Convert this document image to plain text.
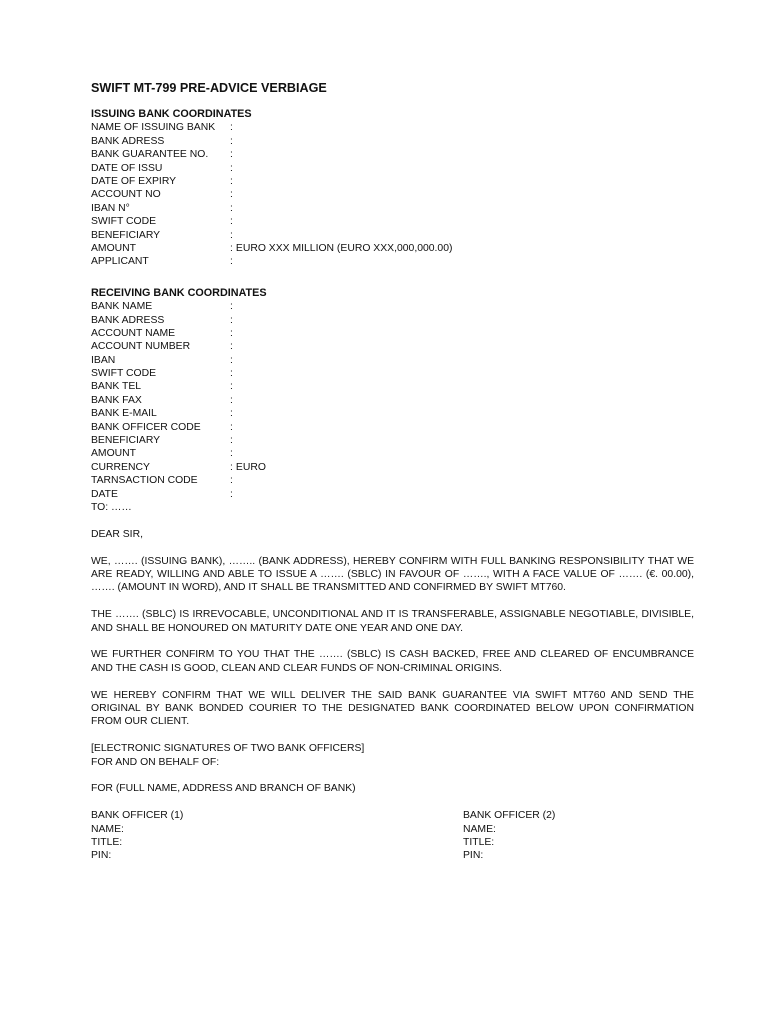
SWIFT MT-799 PRE-ADVICE VERBIAGE
ISSUING BANK COORDINATES
NAME OF ISSUING BANK	:
BANK ADRESS	:
BANK GUARANTEE NO.	:
DATE OF ISSU	:
DATE OF EXPIRY	:
ACCOUNT NO	:
IBAN N°	:
SWIFT CODE	:
BENEFICIARY	:
AMOUNT	: EURO XXX MILLION (EURO XXX,000,000.00)
APPLICANT	:
RECEIVING BANK COORDINATES
BANK NAME	:
BANK ADRESS	:
ACCOUNT NAME	:
ACCOUNT NUMBER	:
IBAN	:
SWIFT CODE	:
BANK TEL	:
BANK FAX	:
BANK E-MAIL	:
BANK OFFICER CODE	:
BENEFICIARY	:
AMOUNT	:
CURRENCY	: EURO
TARNSACTION CODE	:
DATE	:
TO: ……
DEAR SIR,

WE, ……. (ISSUING BANK), …….. (BANK ADDRESS), HEREBY CONFIRM WITH FULL BANKING RESPONSIBILITY THAT WE ARE READY, WILLING AND ABLE TO ISSUE A ……. (SBLC) IN FAVOUR OF ……., WITH A FACE VALUE OF ……. (€. 00.00), ……. (AMOUNT IN WORD), AND IT SHALL BE TRANSMITTED AND CONFIRMED BY SWIFT MT760.

THE ……. (SBLC) IS IRREVOCABLE, UNCONDITIONAL AND IT IS TRANSFERABLE, ASSIGNABLE NEGOTIABLE, DIVISIBLE, AND SHALL BE HONOURED ON MATURITY DATE ONE YEAR AND ONE DAY.

WE FURTHER CONFIRM TO YOU THAT THE ……. (SBLC) IS CASH BACKED, FREE AND CLEARED OF ENCUMBRANCE AND THE CASH IS GOOD, CLEAN AND CLEAR FUNDS OF NON-CRIMINAL ORIGINS.

WE HEREBY CONFIRM THAT WE WILL DELIVER THE SAID BANK GUARANTEE VIA SWIFT MT760 AND SEND THE ORIGINAL BY BANK BONDED COURIER TO THE DESIGNATED BANK COORDINATED BELOW UPON CONFIRMATION FROM OUR CLIENT.

[ELECTRONIC SIGNATURES OF TWO BANK OFFICERS]
FOR AND ON BEHALF OF:
FOR (FULL NAME, ADDRESS AND BRANCH OF BANK)
BANK OFFICER (1)
NAME:
TITLE:
PIN:
BANK OFFICER (2)
NAME:
TITLE:
PIN:
